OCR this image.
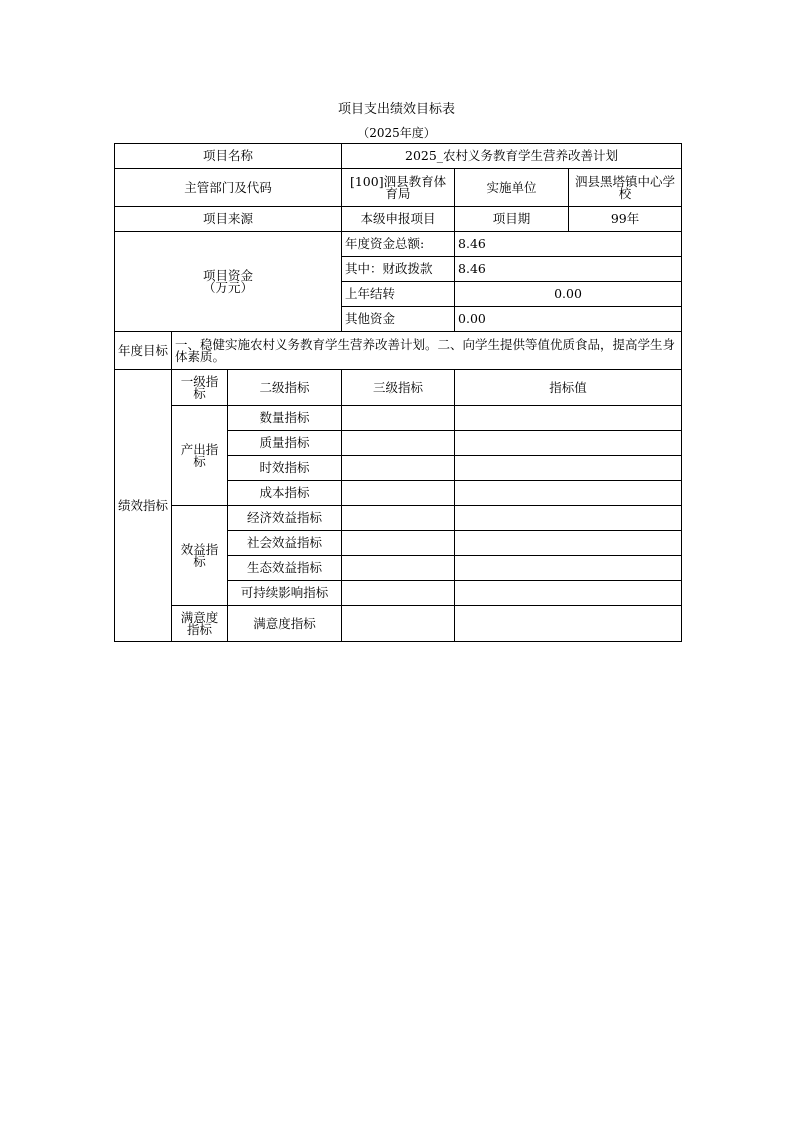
项目支出绩效目标表
（2025年度）
项目名称			2025_农村义务教育学生营养改善计划		
主管部门及代码			[100]泗县教育体育局	实施单位	泗县黑塔镇中心学校
项目来源			本级申报项目	项目期	99年

项目资金
（万元）			年度资金总额:	8.46	
			其中：财政拨款	8.46	
			上年结转	0.00	
			其他资金	0.00	
年度目标	一、稳健实施农村义务教育学生营养改善计划。二、向学生提供等值优质食品，提高学生身体素质。				
绩效指标	一级指标	二级指标	三级指标	指标值	
	产出指标	数量指标			
		质量指标			
		时效指标			
		成本指标			
	效益指标	经济效益指标			
		社会效益指标			
		生态效益指标			
		可持续影响指标			
	满意度指标	满意度指标			
